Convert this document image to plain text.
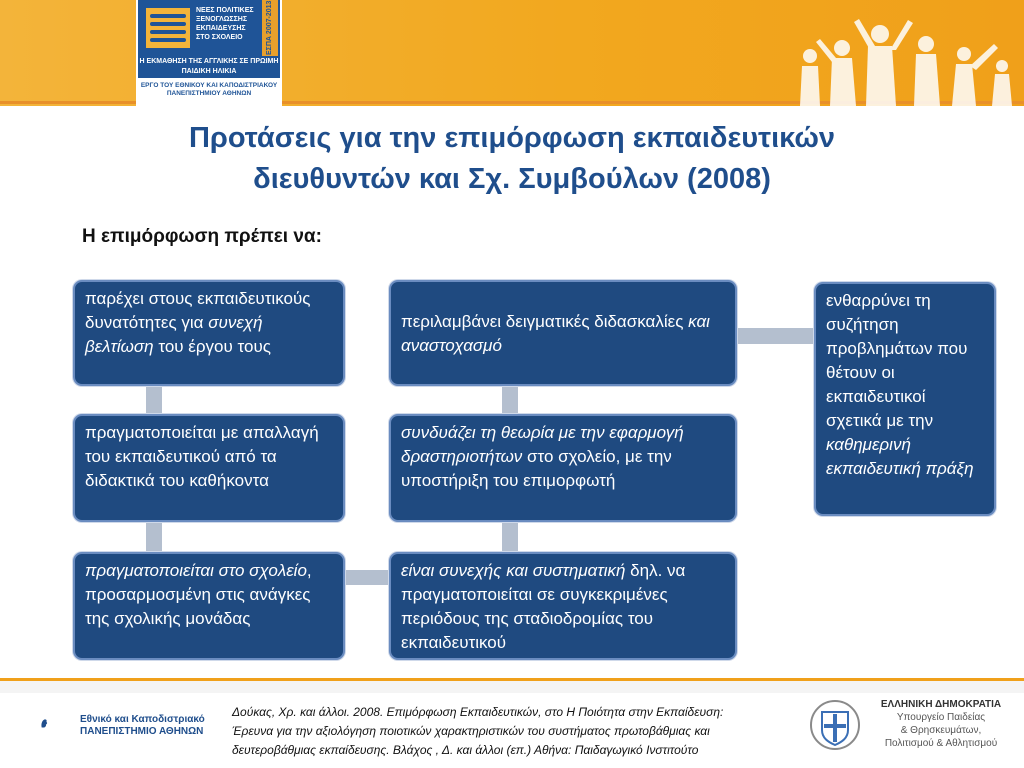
ΝΕΕΣ ΠΟΛΙΤΙΚΕΣ
ΞΕΝΟΓΛΩΣΣΗΣ
ΕΚΠΑΙΔΕΥΣΗΣ
ΣΤΟ ΣΧΟΛΕΙΟ	ΕΣΠΑ 2007-2013
Η ΕΚΜΑΘΗΣΗ ΤΗΣ ΑΓΓΛΙΚΗΣ ΣΕ ΠΡΩΙΜΗ ΠΑΙΔΙΚΗ ΗΛΙΚΙΑ
ΕΡΓΟ ΤΟΥ ΕΘΝΙΚΟΥ ΚΑΙ ΚΑΠΟΔΙΣΤΡΙΑΚΟΥ ΠΑΝΕΠΙΣΤΗΜΙΟΥ ΑΘΗΝΩΝ
Προτάσεις για την επιμόρφωση εκπαιδευτικών
διευθυντών και Σχ. Συμβούλων (2008)
Η επιμόρφωση πρέπει να:

παρέχει στους εκπαιδευτικούς δυνατότητες για συνεχή βελτίωση του έργου τους

πραγματοποιείται με απαλλαγή του εκπαιδευτικού από τα διδακτικά του καθήκοντα

πραγματοποιείται στο σχολείο, προσαρμοσμένη στις ανάγκες της σχολικής μονάδας

είναι συνεχής και συστηματική δηλ. να πραγματοποιείται σε συγκεκριμένες περιόδους της σταδιοδρομίας του εκπαιδευτικού

συνδυάζει τη θεωρία με την εφαρμογή δραστηριοτήτων στο σχολείο, με την υποστήριξη του επιμορφωτή

περιλαμβάνει δειγματικές διδασκαλίες και αναστοχασμό

ενθαρρύνει τη συζήτηση προβλημάτων που θέτουν οι εκπαιδευτικοί σχετικά με την καθημερινή εκπαιδευτική πράξη

Εθνικό και Καποδιστριακό
ΠΑΝΕΠΙΣΤΗΜΙΟ ΑΘΗΝΩΝ

Δούκας, Χρ. και άλλοι. 2008. Επιμόρφωση Εκπαιδευτικών, στο Η Ποιότητα στην Εκπαίδευση:

Έρευνα για την αξιολόγηση ποιοτικών χαρακτηριστικών του συστήματος πρωτοβάθμιας και

δευτεροβάθμιας εκπαίδευσης. Βλάχος , Δ. και άλλοι (επ.) Αθήνα: Παιδαγωγικό Ινστιτούτο

ΕΛΛΗΝΙΚΗ ΔΗΜΟΚΡΑΤΙΑ
Υπουργείο Παιδείας
& Θρησκευμάτων,
Πολιτισμού & Αθλητισμού
